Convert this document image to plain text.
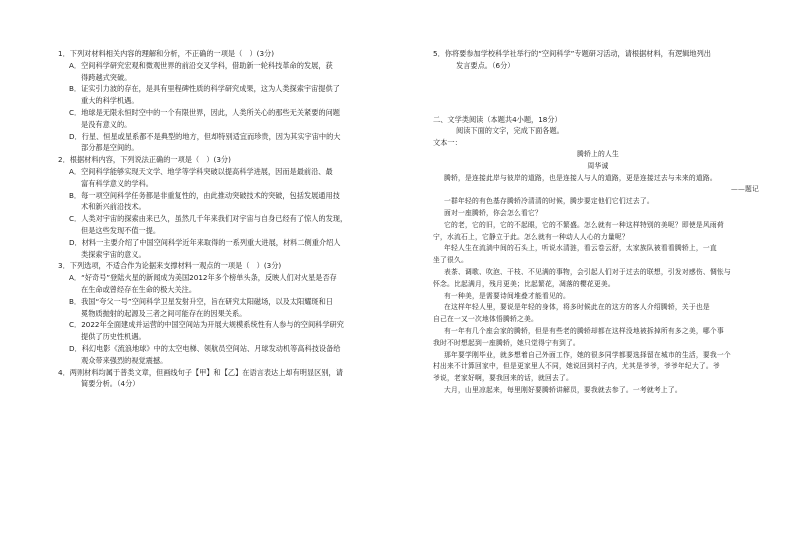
1．下列对材料相关内容的理解和分析，不正确的一项是（　）(3分)
A．空间科学研究宏观和微观世界的前沿交叉学科，借助新一轮科技革命的发展，获
得跨越式突破。
B．证实引力波的存在，是具有里程碑性质的科学研究成果，这为人类探索宇宙提供了
重大的科学机遇。
C．地球是无限永恒时空中的一个有限世界，因此，人类所关心的那些无关紧要的问题
是没有意义的。
D．行星、恒星或星系都不是典型的地方，但却特别适宜而珍贵，因为其实宇宙中的大
部分都是空间的。
2．根据材料内容，下列说法正确的一项是（　）(3分)
A．空间科学能够实现天文学、地学等学科突破以提高科学进展，因而是最前沿、最
富有科学意义的学科。
B．每一项空间科学任务都是非重复性的，由此推动突破技术的突破，包括发展通用技
术和新兴前沿技术。
C．人类对宇宙的探索由来已久，虽然几千年来我们对宇宙与自身已经有了惊人的发现，
但是这些发现不值一提。
D．材料一主要介绍了中国空间科学近年来取得的一系列重大进展，材料二侧重介绍人
类探索宇宙的意义。
3．下列选项，不适合作为论据来支撑材料一观点的一项是（　）(3分)
A．“好奇号”登陆火星的新闻成为美国2012年多个榜单头条，反映人们对火星是否存
在生命或曾经存在生命的极大关注。
B．我国“夸父一号”空间科学卫星发射升空，旨在研究太阳磁场，以及太阳耀斑和日
冕物质抛射的起源及三者之间可能存在的因果关系。
C．2022年全面建成并运营的中国空间站为开展大规模系统性有人参与的空间科学研究
提供了历史性机遇。
D．科幻电影《流浪地球》中的太空电梯、领航员空间站、月球发动机等高科技设备给
观众带来强烈的视觉震撼。
4．两则材料均属于普类文章，但画线句子【甲】和【乙】在语言表达上却有明显区别，请
简要分析。（4分）
5．你将要参加学校科学社举行的“空间科学”专题研习活动，请根据材料，有逻辑地列出
发言要点。（6分）
二、文学类阅读（本题共4小题，18分）
阅读下面的文字，完成下面各题。
文本一：
腾轿上的人生
周华诚
腾轿，是连接此岸与彼岸的道路，也是连接人与人的道路，更是连接过去与未来的道路。
——题记
一群年轻的有色基存腾轿冷清清的时候，腾步要定他们它们过去了。
面对一座腾轿，你会怎么看它？
它的老，它的旧，它的不起眼，它的不繁盛。怎么就有一种这样特别的美呢？即使是风雨荷
宁，水流石上，它静立于此。怎么就有一种动人人心的力量呢？
年轻人生在流淌中间的石头上，听说水清涟，看云卷云舒，太家族队被看看腾轿上，一直
坐了很久。
表茶、调歌、吹泡、干枝、不见满的事物，会引起人们对于过去的联想，引发对感伤、惆怅与
怀念。比起满月，残月更美；比起繁花，凋落的樱花更美。
有一种美，是需要诗间堆叠才能看见的。
在这样年轻人里，要说是年轻的身体，将多时候此在的这方的客人介绍腾轿，关于也是
自己在一又一次地体悟腾轿之美。
有一年有几个座会家的腾轿，但是有些老的腾轿却都在这样没地被拆掉所有多之美，哪个事
我时不时想起到一座腾轿，她只觉得宁有到了。
那年要学刚毕业，就多想着自己外面工作，她的很多同学都要选择留在城市的生活，要我一个
村出来不计算回家中，但是更家里人不同，她说回到村子内，尤其是爷爷，爷爷年纪大了。爷
爷说，老家好啊，要我回来的话，就回去了。
大月，山里凉起来，每里刚好要腾轿讲解员，要我就去参了。一考就考上了。
